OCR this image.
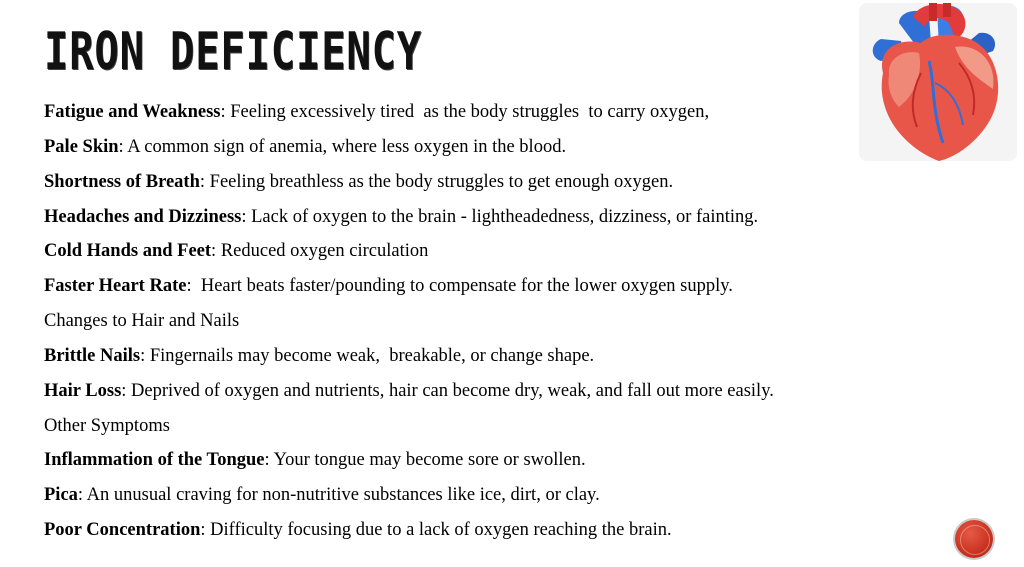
IRON DEFICIENCY
Fatigue and Weakness: Feeling excessively tired  as the body struggles  to carry oxygen,
Pale Skin: A common sign of anemia, where less oxygen in the blood.
Shortness of Breath: Feeling breathless as the body struggles to get enough oxygen.
Headaches and Dizziness: Lack of oxygen to the brain - lightheadedness, dizziness, or fainting.
Cold Hands and Feet: Reduced oxygen circulation
Faster Heart Rate:  Heart beats faster/pounding to compensate for the lower oxygen supply.
Changes to Hair and Nails
Brittle Nails: Fingernails may become weak,  breakable, or change shape.
Hair Loss: Deprived of oxygen and nutrients, hair can become dry, weak, and fall out more easily.
Other Symptoms
Inflammation of the Tongue: Your tongue may become sore or swollen.
Pica: An unusual craving for non-nutritive substances like ice, dirt, or clay.
Poor Concentration: Difficulty focusing due to a lack of oxygen reaching the brain.
